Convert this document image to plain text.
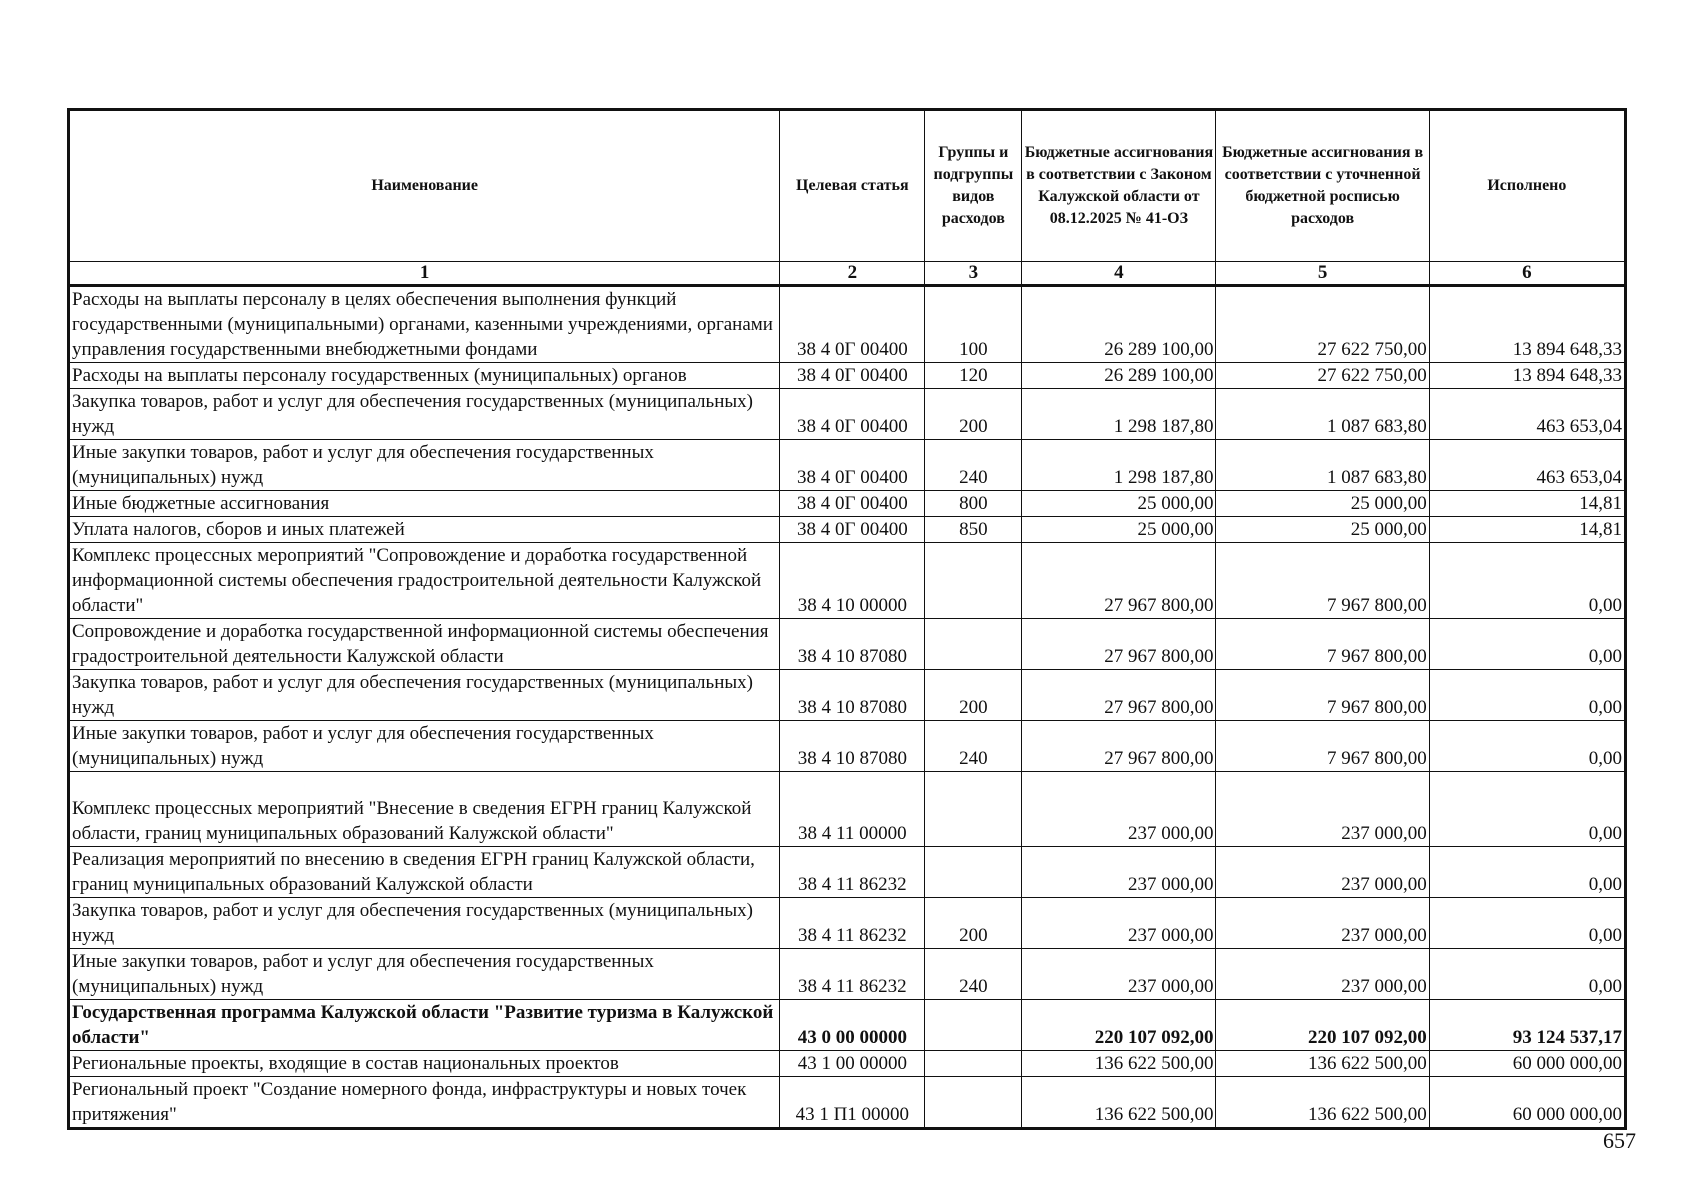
Наименование	Целевая статья	Группы и подгруппы видов расходов	Бюджетные ассигнования в соответствии с Законом Калужской области от 08.12.2025 № 41-ОЗ	Бюджетные ассигнования в соответствии с уточненной бюджетной росписью расходов	Исполнено
1	2	3	4	5	6
Расходы на выплаты персоналу в целях обеспечения выполнения функций государственными (муниципальными) органами, казенными учреждениями, органами управления государственными внебюджетными фондами	38 4 0Г 00400	100	26 289 100,00	27 622 750,00	13 894 648,33
Расходы на выплаты персоналу государственных (муниципальных) органов	38 4 0Г 00400	120	26 289 100,00	27 622 750,00	13 894 648,33
Закупка товаров, работ и услуг для обеспечения государственных (муниципальных) нужд	38 4 0Г 00400	200	1 298 187,80	1 087 683,80	463 653,04
Иные закупки товаров, работ и услуг для обеспечения государственных (муниципальных) нужд	38 4 0Г 00400	240	1 298 187,80	1 087 683,80	463 653,04
Иные бюджетные ассигнования	38 4 0Г 00400	800	25 000,00	25 000,00	14,81
Уплата налогов, сборов и иных платежей	38 4 0Г 00400	850	25 000,00	25 000,00	14,81
Комплекс процессных мероприятий "Сопровождение и доработка государственной информационной системы обеспечения градостроительной деятельности Калужской области"	38 4 10 00000		27 967 800,00	7 967 800,00	0,00
Сопровождение и доработка государственной информационной системы обеспечения градостроительной деятельности Калужской области	38 4 10 87080		27 967 800,00	7 967 800,00	0,00
Закупка товаров, работ и услуг для обеспечения государственных (муниципальных) нужд	38 4 10 87080	200	27 967 800,00	7 967 800,00	0,00
Иные закупки товаров, работ и услуг для обеспечения государственных (муниципальных) нужд	38 4 10 87080	240	27 967 800,00	7 967 800,00	0,00
Комплекс процессных мероприятий "Внесение в сведения ЕГРН границ Калужской области, границ муниципальных образований Калужской области"	38 4 11 00000		237 000,00	237 000,00	0,00
Реализация мероприятий по внесению в сведения ЕГРН границ Калужской области, границ муниципальных образований Калужской области	38 4 11 86232		237 000,00	237 000,00	0,00
Закупка товаров, работ и услуг для обеспечения государственных (муниципальных) нужд	38 4 11 86232	200	237 000,00	237 000,00	0,00
Иные закупки товаров, работ и услуг для обеспечения государственных (муниципальных) нужд	38 4 11 86232	240	237 000,00	237 000,00	0,00
Государственная программа Калужской области "Развитие туризма в Калужской области"	43 0 00 00000		220 107 092,00	220 107 092,00	93 124 537,17
Региональные проекты, входящие в состав национальных проектов	43 1 00 00000		136 622 500,00	136 622 500,00	60 000 000,00
Региональный проект "Создание номерного фонда, инфраструктуры и новых точек притяжения"	43 1 П1 00000		136 622 500,00	136 622 500,00	60 000 000,00
657
